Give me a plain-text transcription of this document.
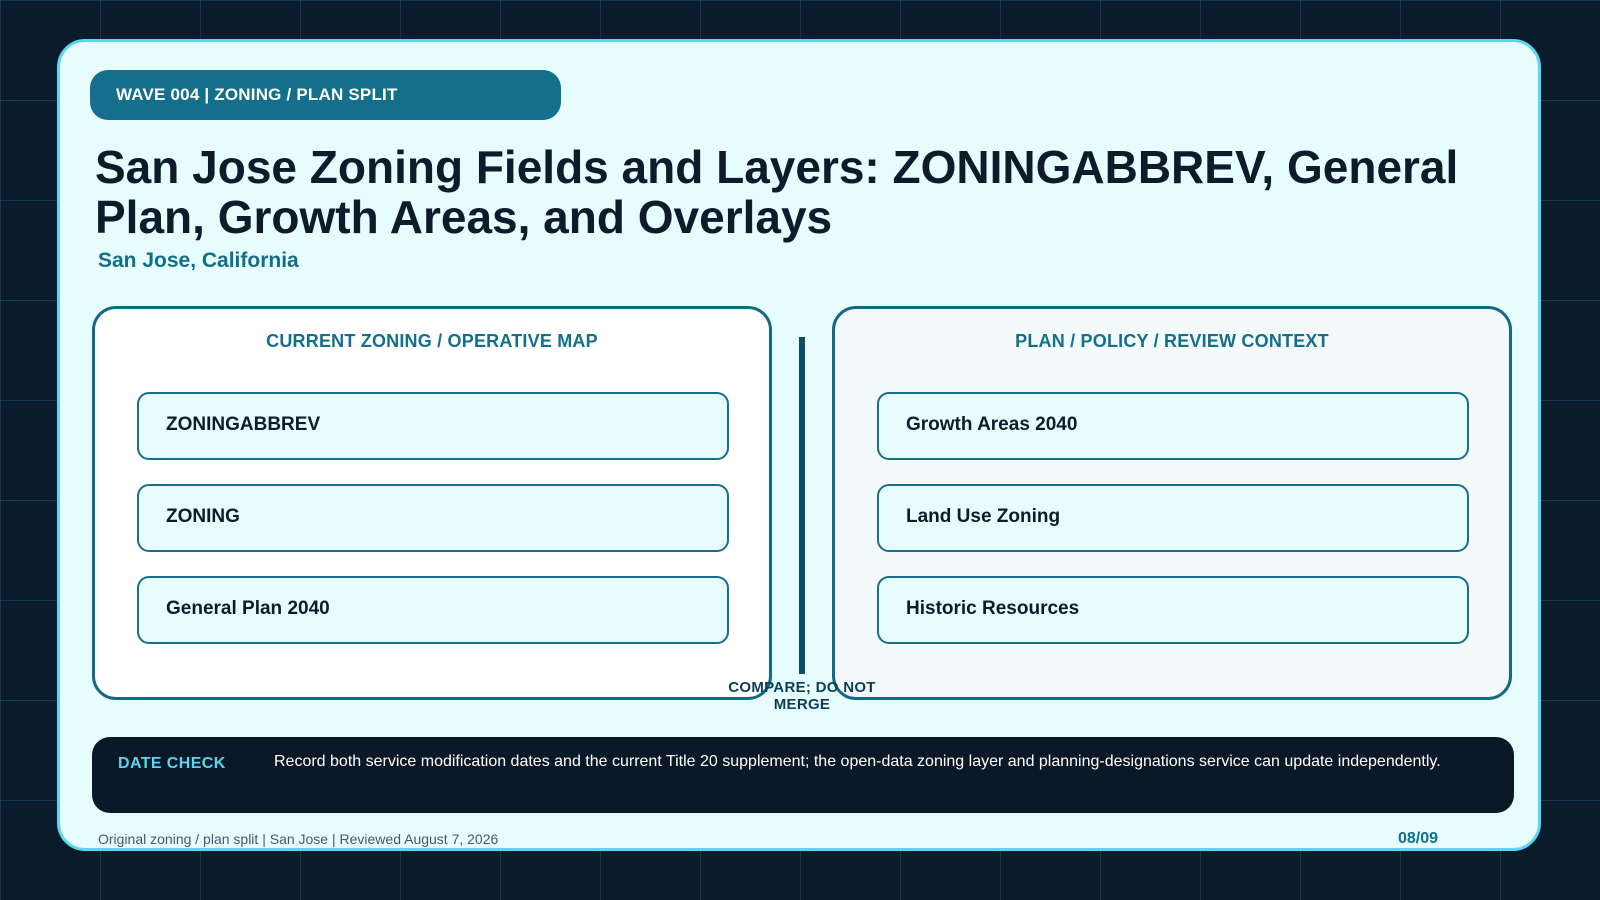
WAVE 004 | ZONING / PLAN SPLIT
San Jose Zoning Fields and Layers: ZONINGABBREV, General Plan, Growth Areas, and Overlays
San Jose, California
CURRENT ZONING / OPERATIVE MAP
ZONINGABBREV
ZONING
General Plan 2040
PLAN / POLICY / REVIEW CONTEXT
Growth Areas 2040
Land Use Zoning
Historic Resources
COMPARE; DO NOT MERGE
DATE CHECK	Record both service modification dates and the current Title 20 supplement; the open-data zoning layer and planning-designations service can update independently.
Original zoning / plan split | San Jose | Reviewed August 7, 2026	08/09
